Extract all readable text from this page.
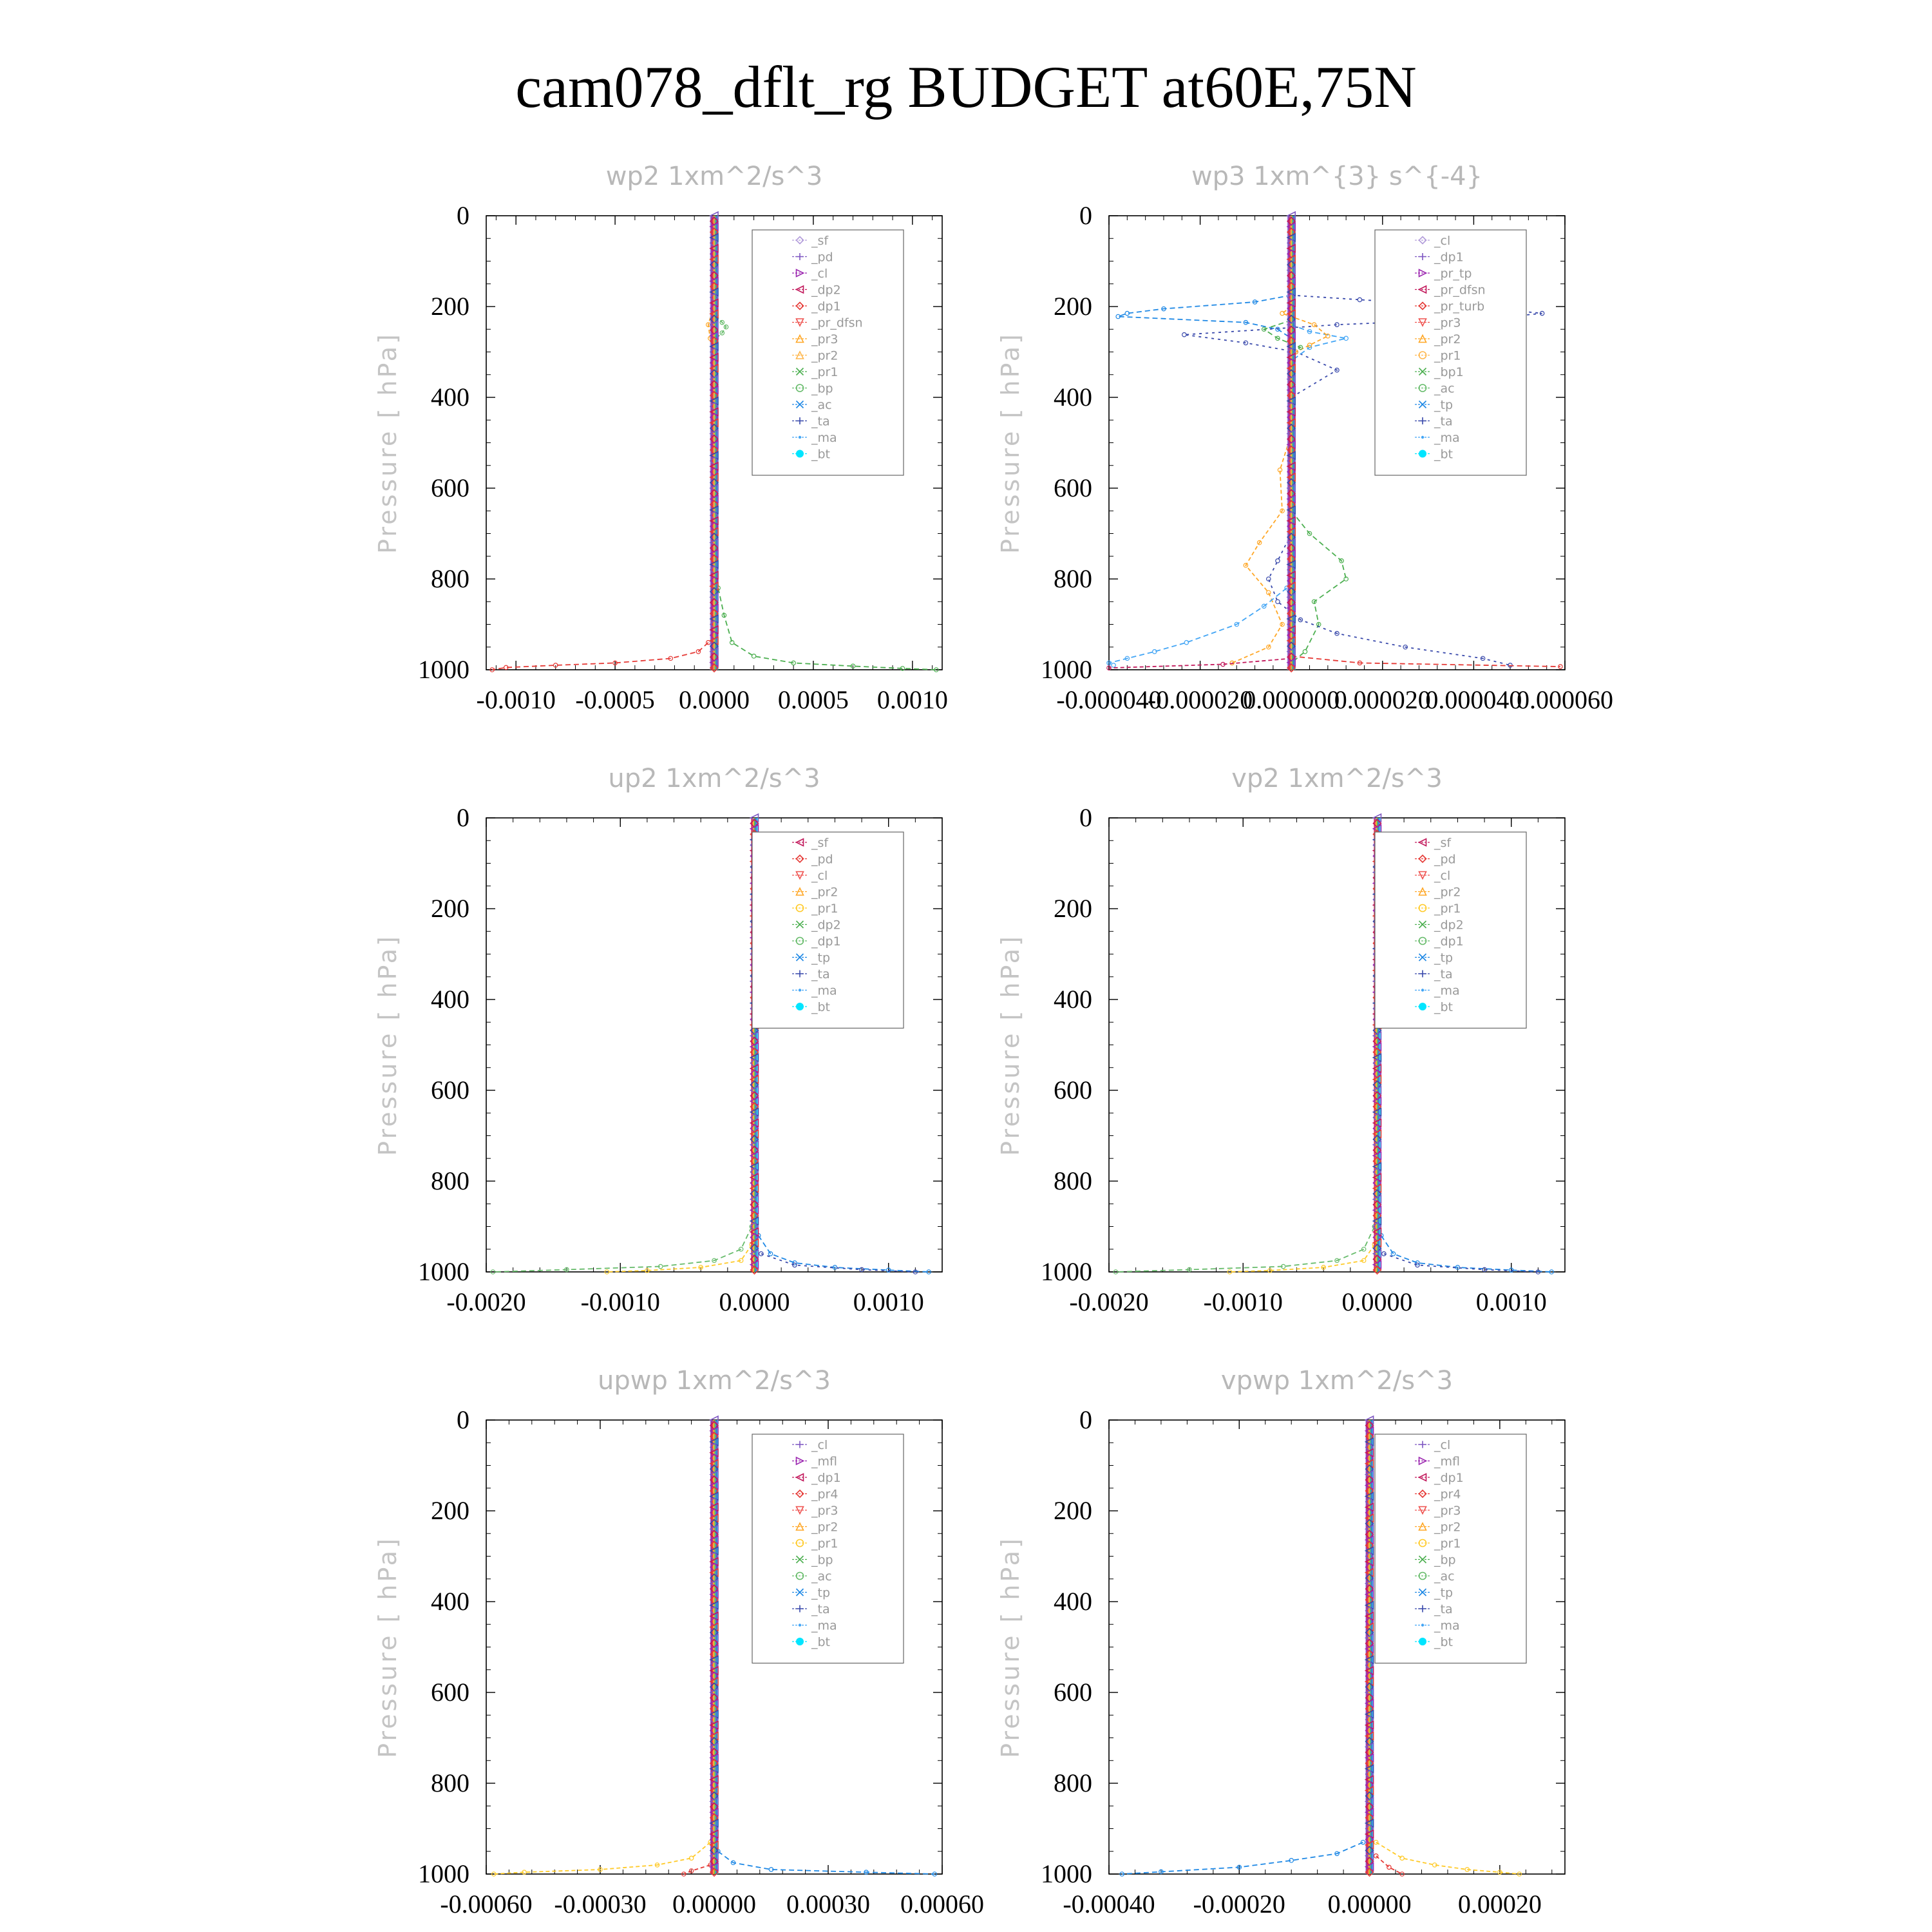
cam078_dflt_rg BUDGET at60E,75N
wp2 1xm^2/s^3
Pressure [ hPa]
0
200
400
600
800
1000
-0.0010 -0.0005 0.0000 0.0005 0.0010
_sf
_pd
_cl
_dp2
_dp1
_pr_dfsn
_pr3
_pr2
_pr1
_bp
_ac
_ta
_ma
_bt
wp3 1xm^{3} s^{-4}
Pressure [ hPa]
0
200
400
600
800
1000
-0.000040
-0.000020
0.000000
0.000020
0.000040
0.000060
_cl
_dp1
_pr_tp
_pr_dfsn
_pr_turb
_pr3
_pr2
_pr1
_bp1
_ac
_tp
_ta
_ma
_bt
up2 1xm^2/s^3
Pressure [ hPa]
0
200
400
600
800
1000
-0.0020 -0.0010 0.0000 0.0010
_sf
_pd
_cl
_pr2
_pr1
_dp2
_dp1
_tp
_ta
_ma
_bt
vp2 1xm^2/s^3
Pressure [ hPa]
0
200
400
600
800
1000
-0.0020 -0.0010 0.0000 0.0010
_sf
_pd
_cl
_pr2
_pr1
_dp2
_dp1
_tp
_ta
_ma
_bt
upwp 1xm^2/s^3
Pressure [ hPa]
0
200
400
600
800
1000
-0.00060 -0.00030 0.00000 0.00030 0.00060
_cl
_mfl
_dp1
_pr4
_pr3
_pr2
_pr1
_bp
_ac
_tp
_ta
_ma
_bt
vpwp 1xm^2/s^3
Pressure [ hPa]
0
200
400
600
800
1000
-0.00040 -0.00020 0.00000 0.00020
_cl
_mfl
_dp1
_pr4
_pr3
_pr2
_pr1
_bp
_ac
_tp
_ta
_ma
_bt
